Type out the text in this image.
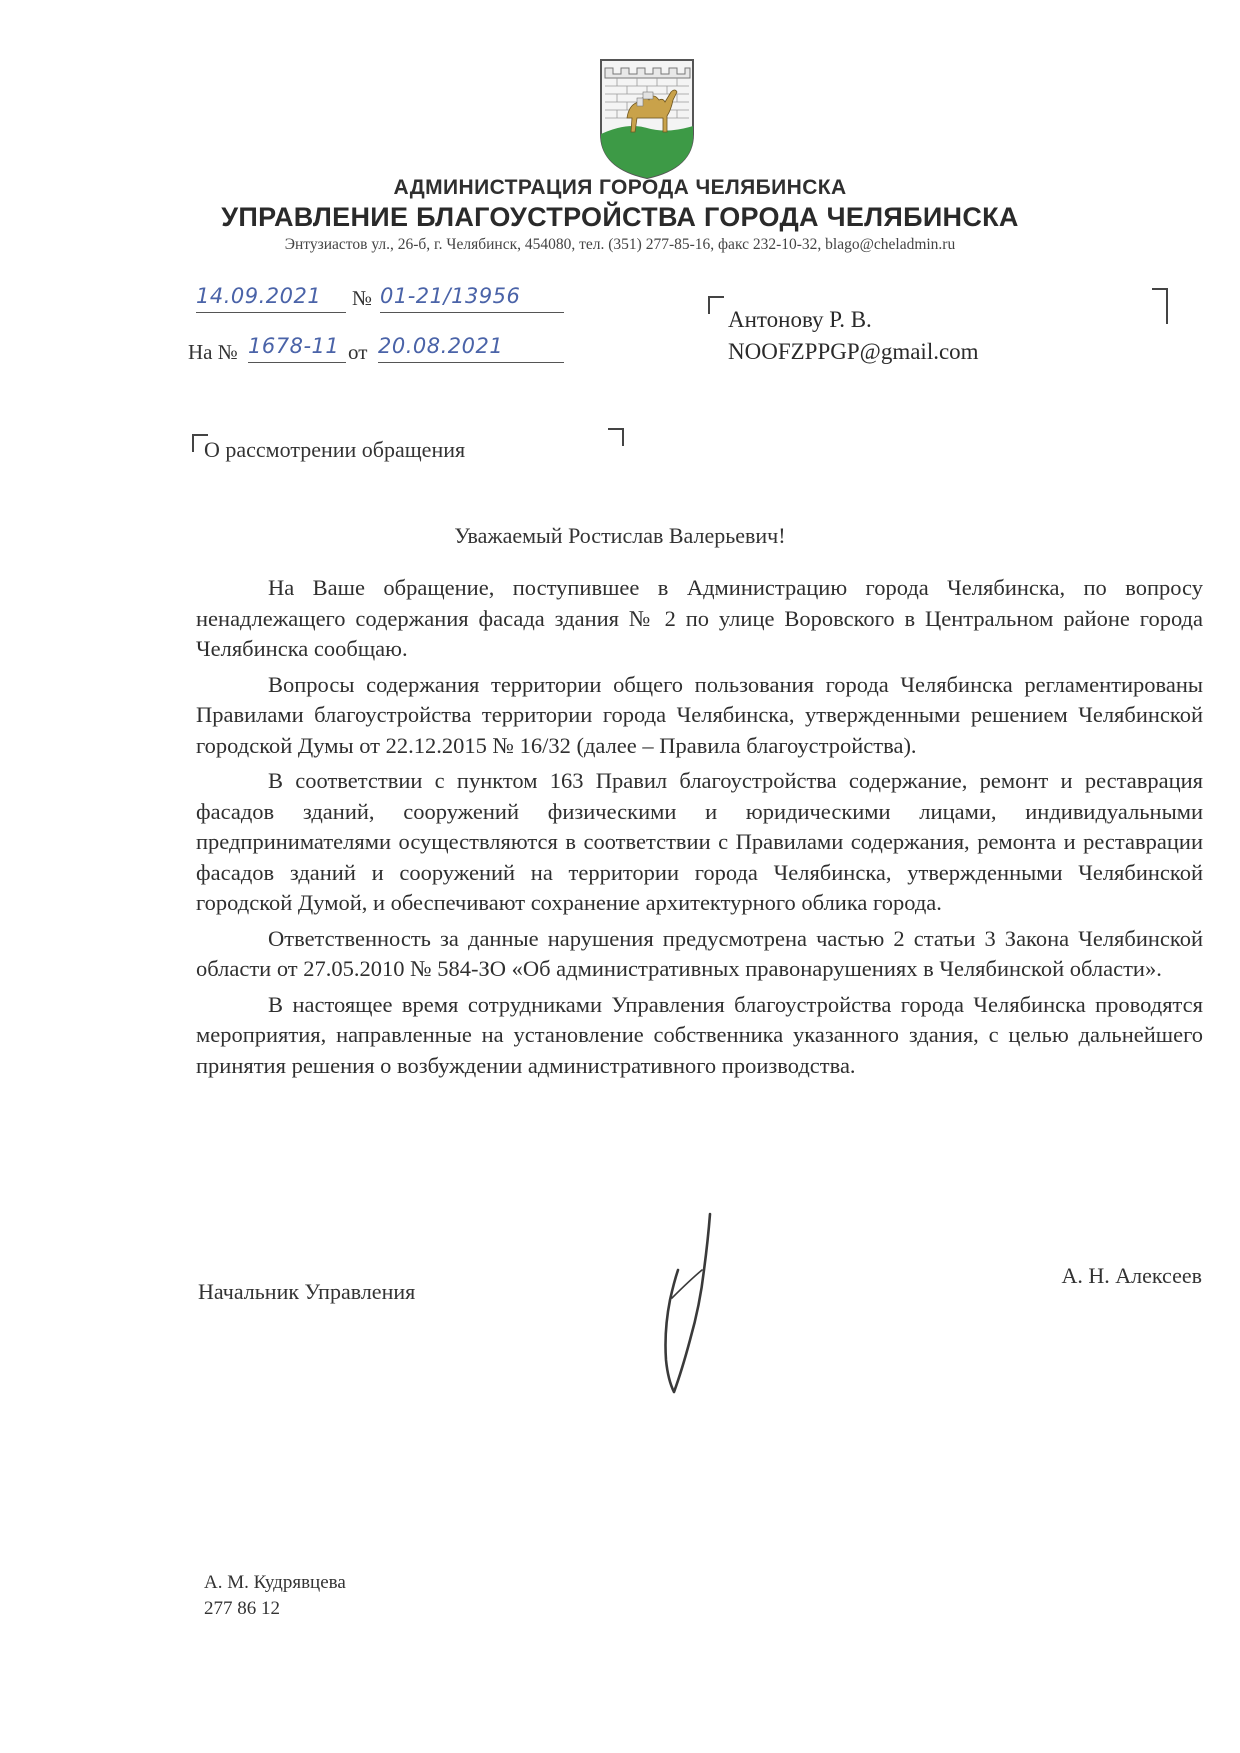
АДМИНИСТРАЦИЯ ГОРОДА ЧЕЛЯБИНСКА
УПРАВЛЕНИЕ БЛАГОУСТРОЙСТВА ГОРОДА ЧЕЛЯБИНСКА
Энтузиастов ул., 26-б, г. Челябинск, 454080, тел. (351) 277-85-16, факс 232-10-32, blago@cheladmin.ru
14.09.2021	№ 01-21/13956
На № 1678-11 от 20.08.2021
Антонову Р. В.
NOOFZPPGP@gmail.com
О рассмотрении обращения
Уважаемый Ростислав Валерьевич!

На Ваше обращение, поступившее в Администрацию города Челябинска, по вопросу ненадлежащего содержания фасада здания № 2 по улице Воровского в Центральном районе города Челябинска сообщаю.

Вопросы содержания территории общего пользования города Челябинска регламентированы Правилами благоустройства территории города Челябинска, утвержденными решением Челябинской городской Думы от 22.12.2015 № 16/32 (далее – Правила благоустройства).

В соответствии с пунктом 163 Правил благоустройства содержание, ремонт и реставрация фасадов зданий, сооружений физическими и юридическими лицами, индивидуальными предпринимателями осуществляются в соответствии с Правилами содержания, ремонта и реставрации фасадов зданий и сооружений на территории города Челябинска, утвержденными Челябинской городской Думой, и обеспечивают сохранение архитектурного облика города.

Ответственность за данные нарушения предусмотрена частью 2 статьи 3 Закона Челябинской области от 27.05.2010 № 584-ЗО «Об административных правонарушениях в Челябинской области».

В настоящее время сотрудниками Управления благоустройства города Челябинска проводятся мероприятия, направленные на установление собственника указанного здания, с целью дальнейшего принятия решения о возбуждении административного производства.

Начальник Управления
А. Н. Алексеев
А. М. Кудрявцева
277 86 12
